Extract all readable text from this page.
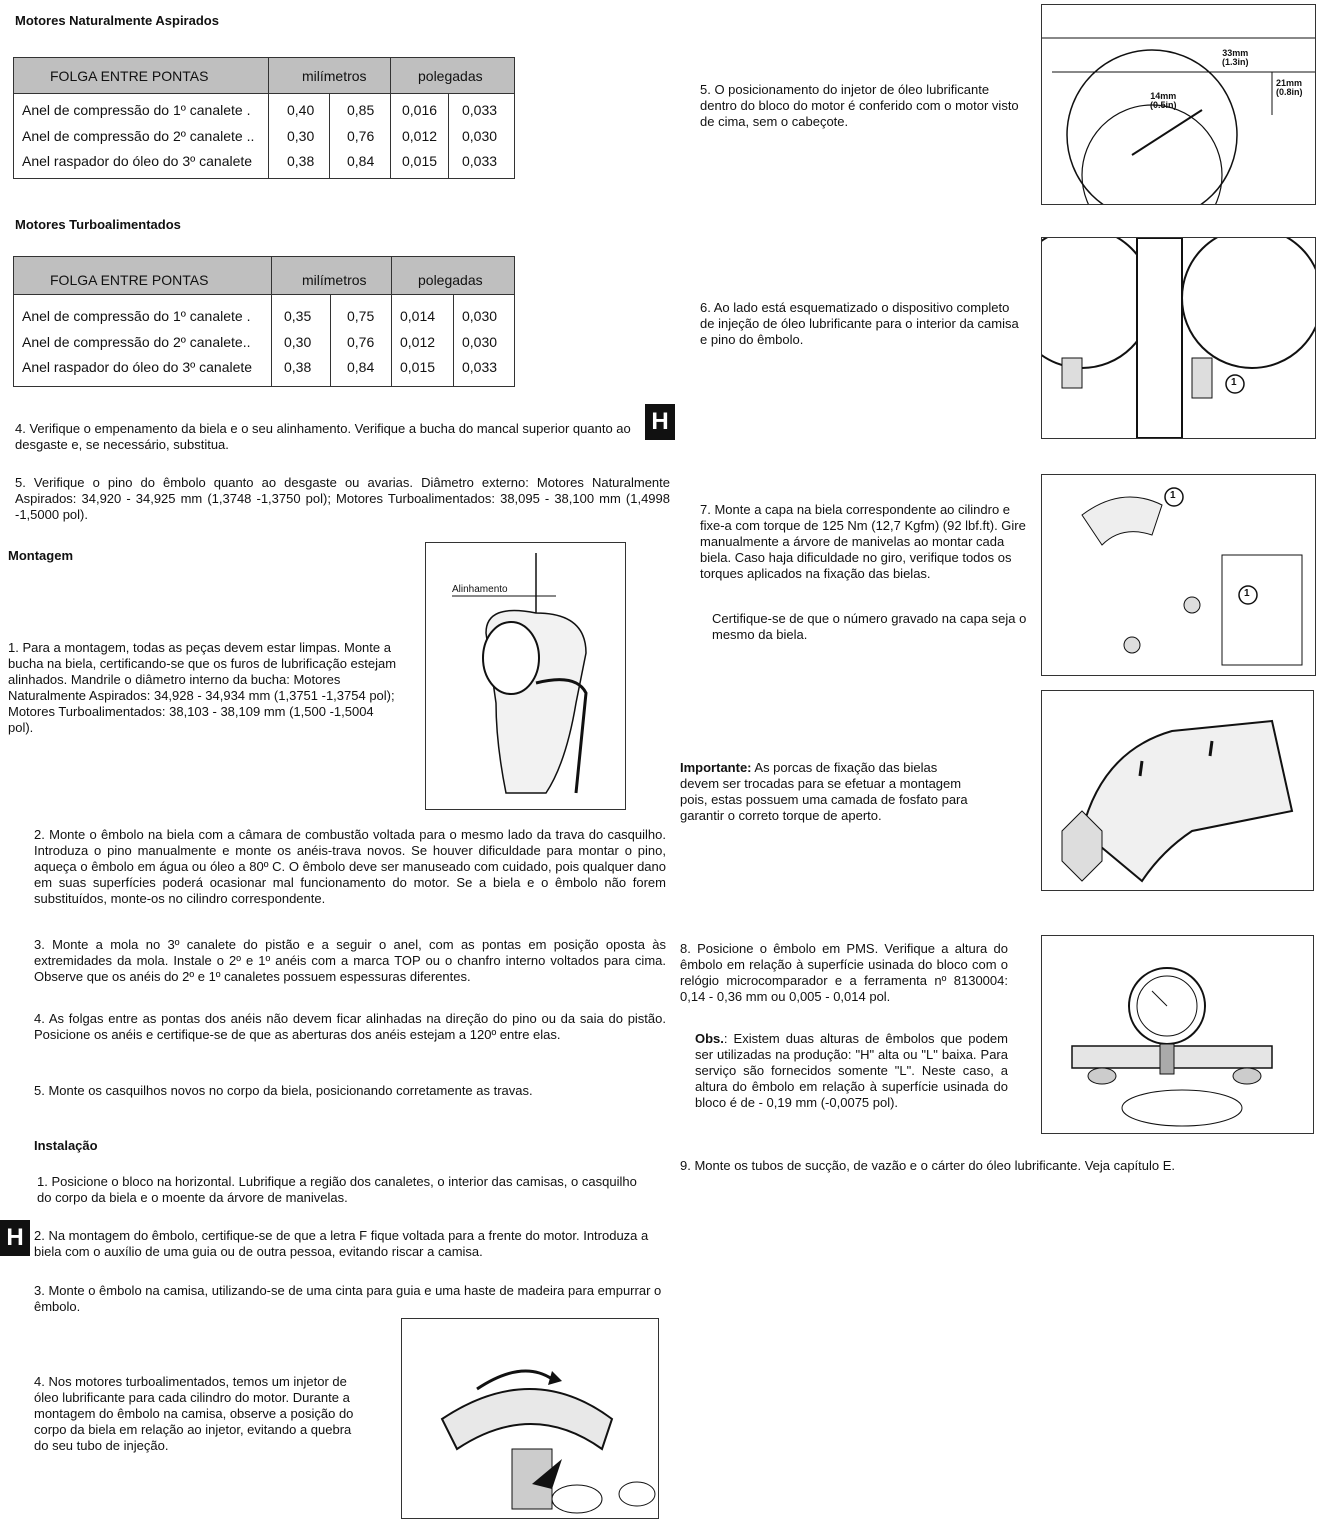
Motores Naturalmente Aspirados
FOLGA ENTRE PONTAS	milímetros	polegadas
Anel de compressão do 1º canalete .	0,40 0,85 0,016 0,033
Anel de compressão do 2º canalete .. 0,30 0,76 0,012 0,030
Anel raspador do óleo do 3º canalete 0,38 0,84 0,015 0,033
Motores Turboalimentados
FOLGA ENTRE PONTAS	milímetros	polegadas
Anel de compressão do 1º canalete . 0,35	0,75 0,014 0,030
Anel de compressão do 2º canalete.. 0,30	0,76 0,012 0,030
Anel raspador do óleo do 3º canalete 0,38	0,84 0,015 0,033
4. Verifique o empenamento da biela e o seu alinhamento. Verifique a bucha do mancal superior quanto ao desgaste e, se necessário, substitua.
H
5. Verifique o pino do êmbolo quanto ao desgaste ou avarias. Diâmetro externo: Motores Naturalmente Aspirados: 34,920 - 34,925 mm (1,3748 -1,3750 pol); Motores Turboalimentados: 38,095 - 38,100 mm (1,4998 -1,5000 pol).
Montagem
1. Para a montagem, todas as peças devem estar limpas. Monte a bucha na biela, certificando-se que os furos de lubrificação estejam alinhados. Mandrile o diâmetro interno da bucha: Motores Naturalmente Aspirados: 34,928 - 34,934 mm (1,3751 -1,3754 pol); Motores Turboalimentados: 38,103 - 38,109 mm (1,500 -1,5004 pol).
Alinhamento
2. Monte o êmbolo na biela com a câmara de combustão voltada para o mesmo lado da trava do casquilho. Introduza o pino manualmente e monte os anéis-trava novos. Se houver dificuldade para montar o pino, aqueça o êmbolo em água ou óleo a 80º C. O êmbolo deve ser manuseado com cuidado, pois qualquer dano em suas superfícies poderá ocasionar mal funcionamento do motor. Se a biela e o êmbolo não forem substituídos, monte-os no cilindro correspondente.
3. Monte a mola no 3º canalete do pistão e a seguir o anel, com as pontas em posição oposta às extremidades da mola. Instale o 2º e 1º anéis com a marca TOP ou o chanfro interno voltados para cima. Observe que os anéis do 2º e 1º canaletes possuem espessuras diferentes.
4. As folgas entre as pontas dos anéis não devem ficar alinhadas na direção do pino ou da saia do pistão. Posicione os anéis e certifique-se de que as aberturas dos anéis estejam a 120º entre elas.
5. Monte os casquilhos novos no corpo da biela, posicionando corretamente as travas.
Instalação
1. Posicione o bloco na horizontal. Lubrifique a região dos canaletes, o interior das camisas, o casquilho do corpo da biela e o moente da árvore de manivelas.
H 2. Na montagem do êmbolo, certifique-se de que a letra F fique voltada para a frente do motor. Introduza a biela com o auxílio de uma guia ou de outra pessoa, evitando riscar a camisa.
3. Monte o êmbolo na camisa, utilizando-se de uma cinta para guia e uma haste de madeira para empurrar o êmbolo.
4. Nos motores turboalimentados, temos um injetor de óleo lubrificante para cada cilindro do motor. Durante a montagem do êmbolo na camisa, observe a posição do corpo da biela em relação ao injetor, evitando a quebra do seu tubo de injeção.
33mm
(1.3in)
14mm
(0.5in)
21mm
(0.8in)
5. O posicionamento do injetor de óleo lubrificante dentro do bloco do motor é conferido com o motor visto de cima, sem o cabeçote.
1
6. Ao lado está esquematizado o dispositivo completo de injeção de óleo lubrificante para o interior da camisa e pino do êmbolo.
1
1
7. Monte a capa na biela correspondente ao cilindro e fixe-a com torque de 125 Nm (12,7 Kgfm) (92 lbf.ft). Gire manualmente a árvore de manivelas ao montar cada biela. Caso haja dificuldade no giro, verifique todos os torques aplicados na fixação das bielas.
Certifique-se de que o número gravado na capa seja o mesmo da biela.
Importante: As porcas de fixação das bielas devem ser trocadas para se efetuar a montagem pois, estas possuem uma camada de fosfato para garantir o correto torque de aperto.
8. Posicione o êmbolo em PMS. Verifique a altura do êmbolo em relação à superfície usinada do bloco com o relógio microcomparador e a ferramenta nº 8130004: 0,14 - 0,36 mm ou 0,005 - 0,014 pol.
Obs.: Existem duas alturas de êmbolos que podem ser utilizadas na produção: "H" alta ou "L" baixa. Para serviço são fornecidos somente "L". Neste caso, a altura do êmbolo em relação à superfície usinada do bloco é de - 0,19 mm (-0,0075 pol).
9. Monte os tubos de sucção, de vazão e o cárter do óleo lubrificante. Veja capítulo E.
